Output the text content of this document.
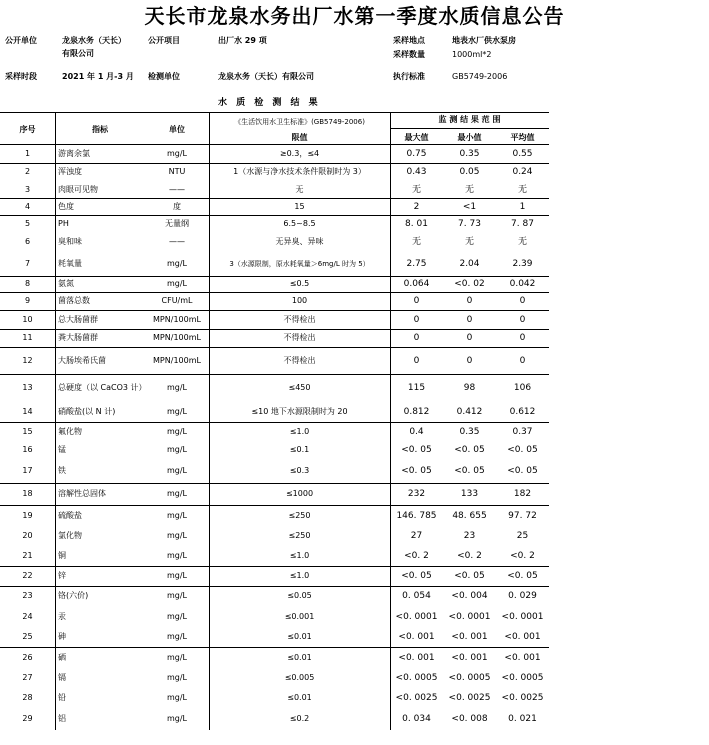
天长市龙泉水务出厂水第一季度水质信息公告
公开单位	龙泉水务（天长）
有限公司
公开项目	出厂水 29 项	采样地点	地表水厂供水泵房
采样数量	1000ml*2
采样时段	2021 年 1 月-3 月 检测单位	龙泉水务（天长）有限公司	执行标准	GB5749-2006
水 质 检 测 结 果
序号	指标	单位
《生活饮用水卫生标准》(GB5749-2006)
限值
监 测 结 果 范 围
最大值	最小值	平均值
1	游离余氯	mg/L	≥0.3，≤4	0.75	0.35	0.55
2	浑浊度	NTU	1（水源与净水技术条件限制时为 3）	0.43	0.05	0.24
3	肉眼可见物	——	无	无	无	无
4	色度	度	15	2	<1	1
5	PH	无量纲	6.5~8.5	8. 01	7. 73	7. 87
6	臭和味	——	无异臭、异味	无	无	无
7	耗氧量	mg/L	3（水源限制，原水耗氧量＞6mg/L 时为 5）	2.75	2.04	2.39
8	氨氮	mg/L	≤0.5	0.064	<0. 02	0.042
9	菌落总数	CFU/mL	100	0	0	0
10	总大肠菌群	MPN/100mL	不得检出	0	0	0
11	粪大肠菌群	MPN/100mL	不得检出	0	0	0
12	大肠埃希氏菌	MPN/100mL	不得检出	0	0	0
13	总硬度（以 CaCO3 计）	mg/L	≤450	115	98	106
14	硝酸盐(以 N 计)	mg/L	≤10 地下水源限制时为 20	0.812	0.412	0.612
15	氟化物	mg/L	≤1.0	0.4	0.35	0.37
16	锰	mg/L	≤0.1	<0. 05	<0. 05	<0. 05
17	铁	mg/L	≤0.3	<0. 05	<0. 05	<0. 05
18	溶解性总固体	mg/L	≤1000	232	133	182
19	硫酸盐	mg/L	≤250	146. 785	48. 655	97. 72
20	氯化物	mg/L	≤250	27	23	25
21	铜	mg/L	≤1.0	<0. 2	<0. 2	<0. 2
22	锌	mg/L	≤1.0	<0. 05	<0. 05	<0. 05
23	铬(六价)	mg/L	≤0.05	0. 054	<0. 004	0. 029
24	汞	mg/L	≤0.001	<0. 0001	<0. 0001	<0. 0001
25	砷	mg/L	≤0.01	<0. 001	<0. 001	<0. 001
26	硒	mg/L	≤0.01	<0. 001	<0. 001	<0. 001
27	镉	mg/L	≤0.005	<0. 0005	<0. 0005	<0. 0005
28	铅	mg/L	≤0.01	<0. 0025	<0. 0025	<0. 0025
29	铝	mg/L	≤0.2	0. 034	<0. 008	0. 021
